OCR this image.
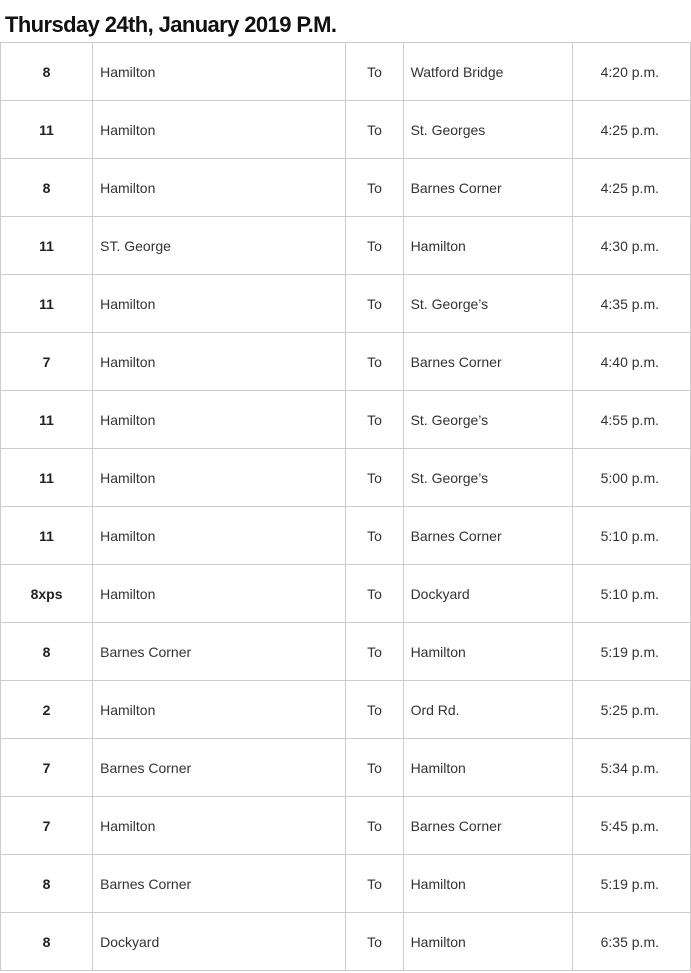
Thursday 24th, January 2019 P.M.
8	Hamilton	To	Watford Bridge	4:20 p.m.
11	Hamilton	To	St. Georges	4:25 p.m.
8	Hamilton	To	Barnes Corner	4:25 p.m.
11	ST. George	To	Hamilton	4:30 p.m.
11	Hamilton	To	St. George’s	4:35 p.m.
7	Hamilton	To	Barnes Corner	4:40 p.m.
11	Hamilton	To	St. George’s	4:55 p.m.
11	Hamilton	To	St. George’s	5:00 p.m.
11	Hamilton	To	Barnes Corner	5:10 p.m.
8xps	Hamilton	To	Dockyard	5:10 p.m.
8	Barnes Corner	To	Hamilton	5:19 p.m.
2	Hamilton	To	Ord Rd.	5:25 p.m.
7	Barnes Corner	To	Hamilton	5:34 p.m.
7	Hamilton	To	Barnes Corner	5:45 p.m.
8	Barnes Corner	To	Hamilton	5:19 p.m.
8	Dockyard	To	Hamilton	6:35 p.m.
